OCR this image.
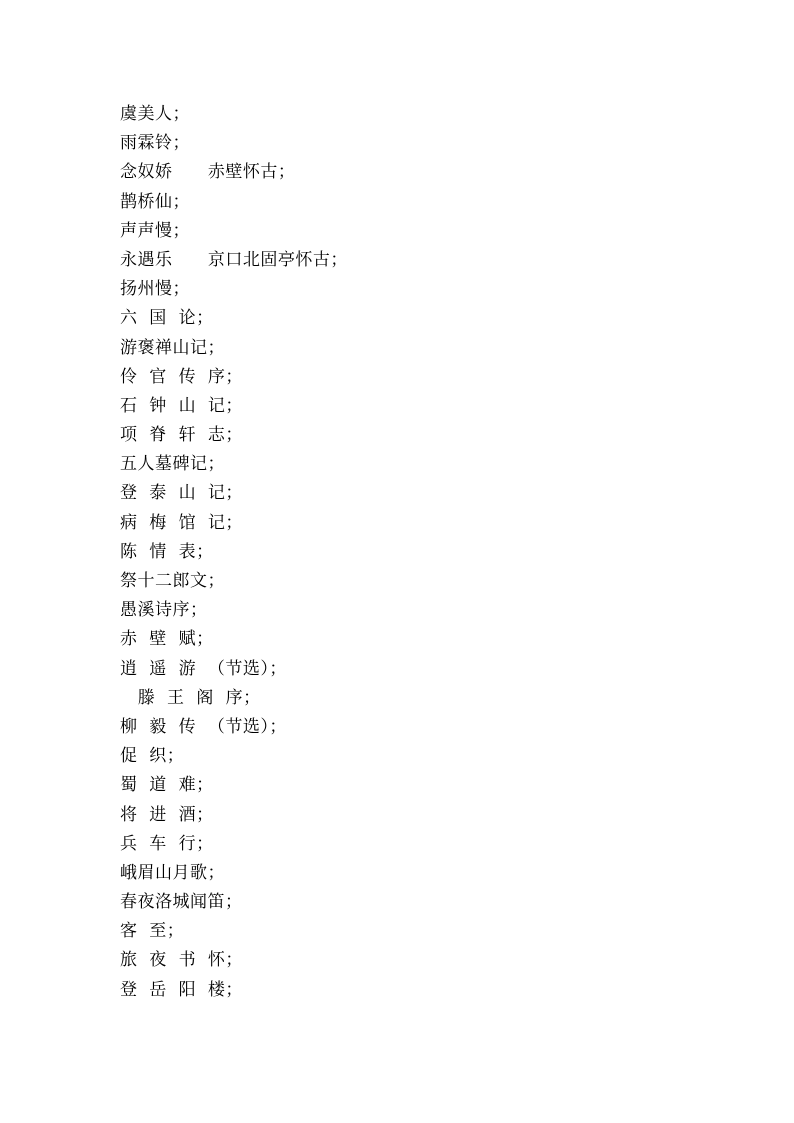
虞美人；
雨霖铃；
念奴娇      赤壁怀古；
鹊桥仙；
声声慢；
永遇乐      京口北固亭怀古；
扬州慢；
六  国  论；
游褒禅山记；
伶  官  传  序；
石  钟  山  记；
项  脊  轩  志；
五人墓碑记；
登  泰  山  记；
病  梅  馆  记；
陈  情  表；
祭十二郎文；
愚溪诗序；
赤  壁  赋；
逍  遥  游  （节选）；
滕  王  阁  序；
柳  毅  传  （节选）；
促  织；
蜀  道  难；
将  进  酒；
兵  车  行；
峨眉山月歌；
春夜洛城闻笛；
客  至；
旅  夜  书  怀；
登  岳  阳  楼；
